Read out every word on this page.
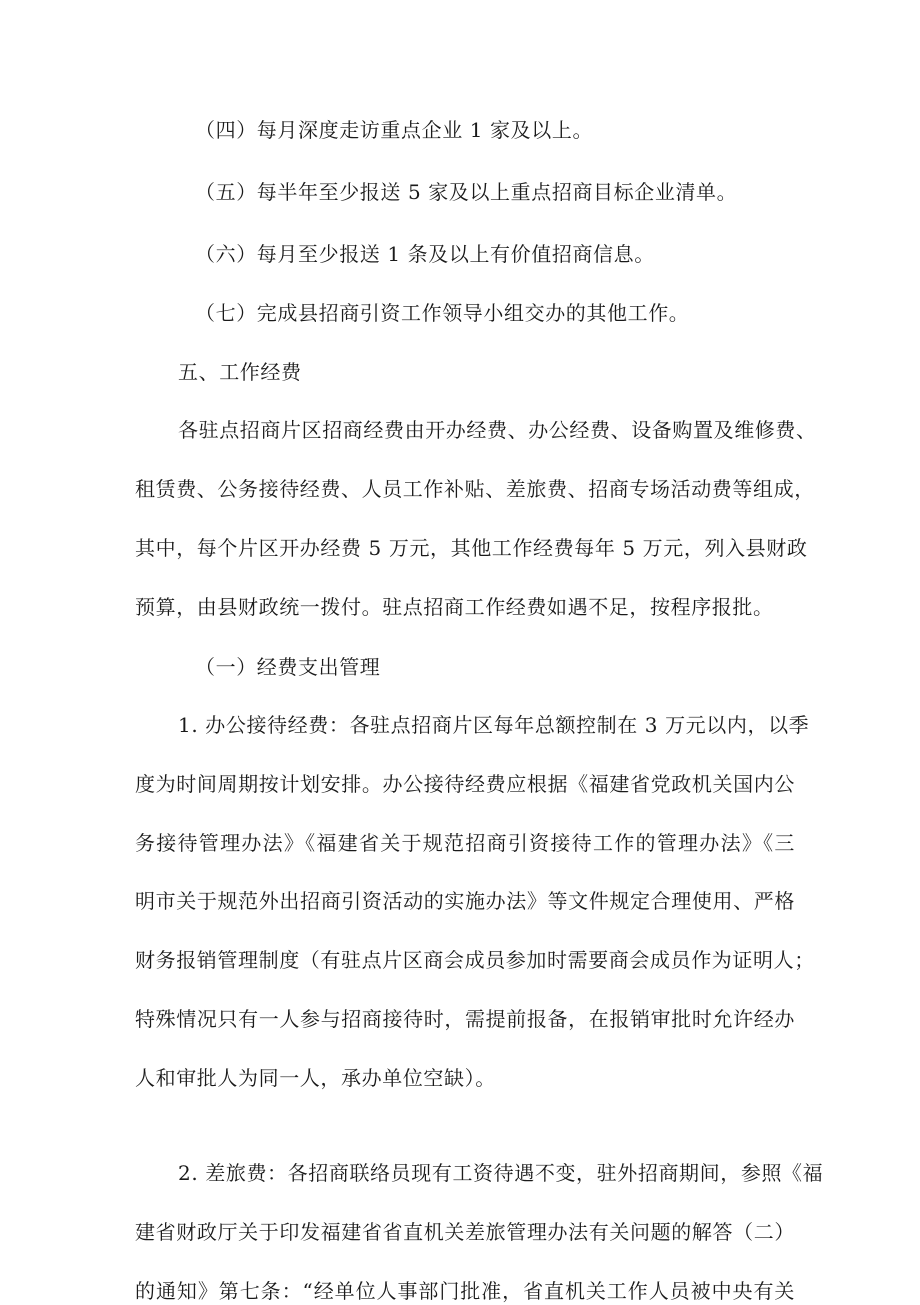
（四）每月深度走访重点企业 1 家及以上。
（五）每半年至少报送 5 家及以上重点招商目标企业清单。
（六）每月至少报送 1 条及以上有价值招商信息。
（七）完成县招商引资工作领导小组交办的其他工作。
五、工作经费
各驻点招商片区招商经费由开办经费、办公经费、设备购置及维修费、
租赁费、公务接待经费、人员工作补贴、差旅费、招商专场活动费等组成，
其中，每个片区开办经费 5 万元，其他工作经费每年 5 万元，列入县财政
预算，由县财政统一拨付。驻点招商工作经费如遇不足，按程序报批。
（一）经费支出管理
1. 办公接待经费：各驻点招商片区每年总额控制在 3 万元以内，以季
度为时间周期按计划安排。办公接待经费应根据《福建省党政机关国内公
务接待管理办法》《福建省关于规范招商引资接待工作的管理办法》《三
明市关于规范外出招商引资活动的实施办法》等文件规定合理使用、严格
财务报销管理制度（有驻点片区商会成员参加时需要商会成员作为证明人；
特殊情况只有一人参与招商接待时，需提前报备，在报销审批时允许经办
人和审批人为同一人，承办单位空缺）。
2. 差旅费：各招商联络员现有工资待遇不变，驻外招商期间，参照《福
建省财政厅关于印发福建省省直机关差旅管理办法有关问题的解答（二）
的通知》第七条：“经单位人事部门批准，省直机关工作人员被中央有关
